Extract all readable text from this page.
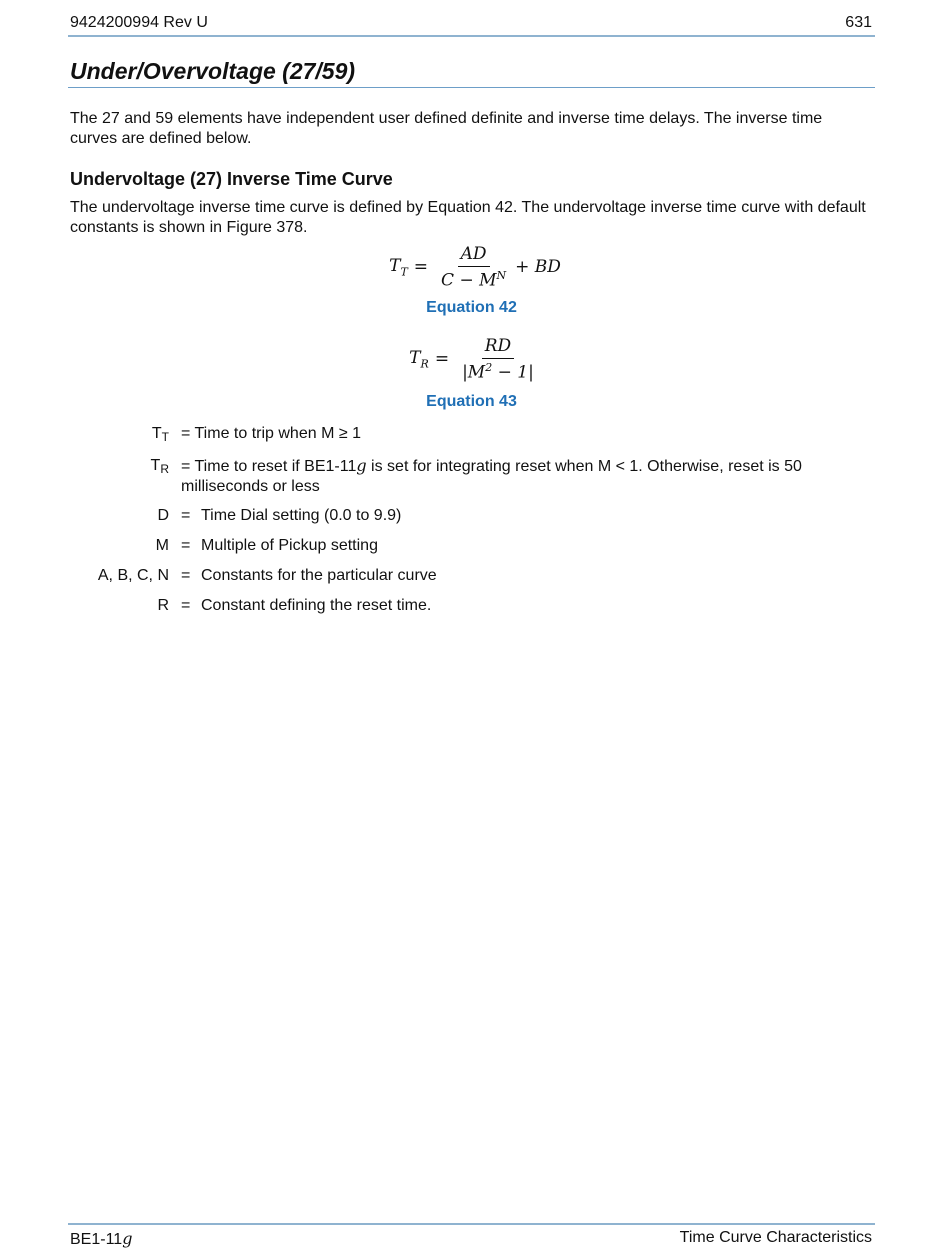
9424200994 Rev U	631
Under/Overvoltage (27/59)

The 27 and 59 elements have independent user defined definite and inverse time delays. The inverse time curves are defined below.

Undervoltage (27) Inverse Time Curve

The undervoltage inverse time curve is defined by Equation 42. The undervoltage inverse time curve with default constants is shown in Figure 378.

$T_T = \frac{AD}{C - M^N}$ + BD
Equation 42
$T_R = \frac{RD}{|M^2 - 1|}$
Equation 43
$T_T$ = Time to trip when M ≥ 1
$T_R$ = Time to reset if BE1-11g is set for integrating reset when M < 1. Otherwise, reset is 50 milliseconds or less
D = Time Dial setting (0.0 to 9.9)
M = Multiple of Pickup setting
A, B, C, N = Constants for the particular curve
R = Constant defining the reset time.
BE1-11g	Time Curve Characteristics
